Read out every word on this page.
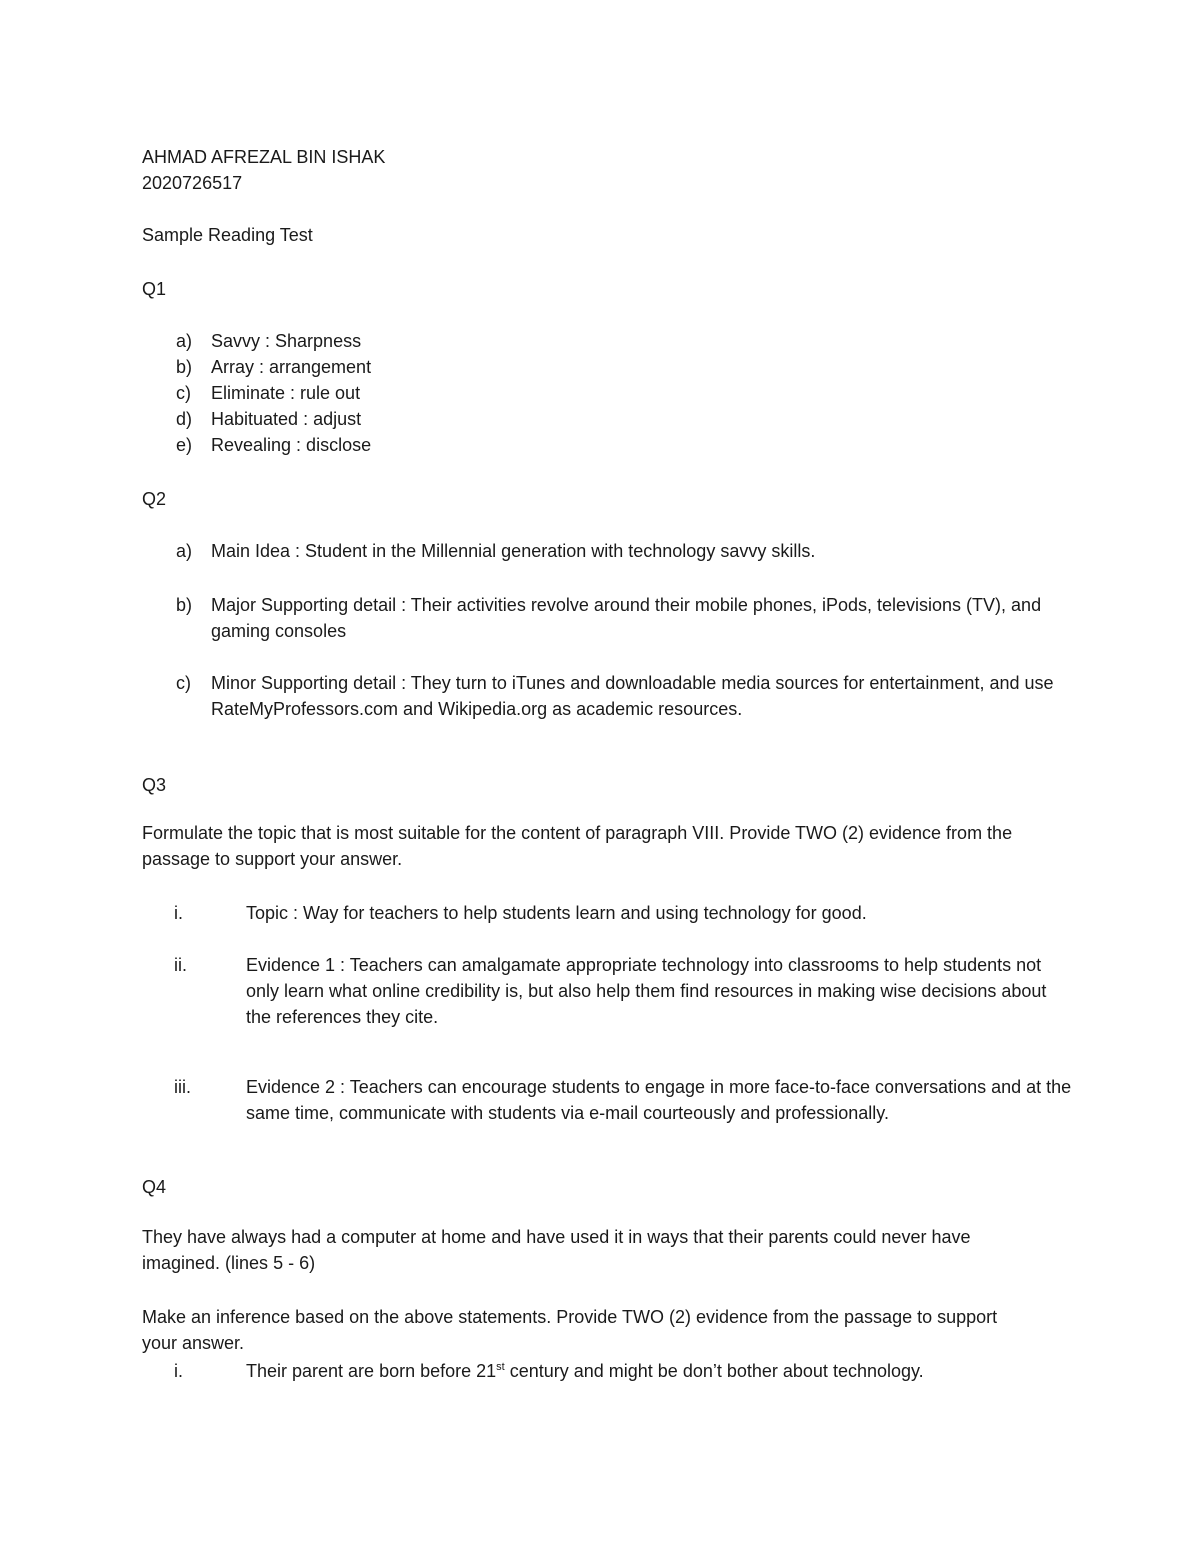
AHMAD AFREZAL BIN ISHAK
2020726517
Sample Reading Test
Q1
a) Savvy : Sharpness
b) Array : arrangement
c) Eliminate : rule out
d) Habituated : adjust
e) Revealing : disclose
Q2
a) Main Idea : Student in the Millennial generation with technology savvy skills.
b) Major Supporting detail : Their activities revolve around their mobile phones, iPods, televisions (TV), and gaming consoles
c) Minor Supporting detail : They turn to iTunes and downloadable media sources for entertainment, and use RateMyProfessors.com and Wikipedia.org as academic resources.
Q3
Formulate the topic that is most suitable for the content of paragraph VIII. Provide TWO (2) evidence from the passage to support your answer.
i.	Topic : Way for teachers to help students learn and using technology for good.
ii.	Evidence 1 : Teachers can amalgamate appropriate technology into classrooms to help students not only learn what online credibility is, but also help them find resources in making wise decisions about the references they cite.
iii.	Evidence 2 : Teachers can encourage students to engage in more face-to-face conversations and at the same time, communicate with students via e-mail courteously and professionally.
Q4
They have always had a computer at home and have used it in ways that their parents could never have imagined. (lines 5 - 6)
Make an inference based on the above statements. Provide TWO (2) evidence from the passage to support your answer.
i.	Their parent are born before 21st century and might be don’t bother about technology.
